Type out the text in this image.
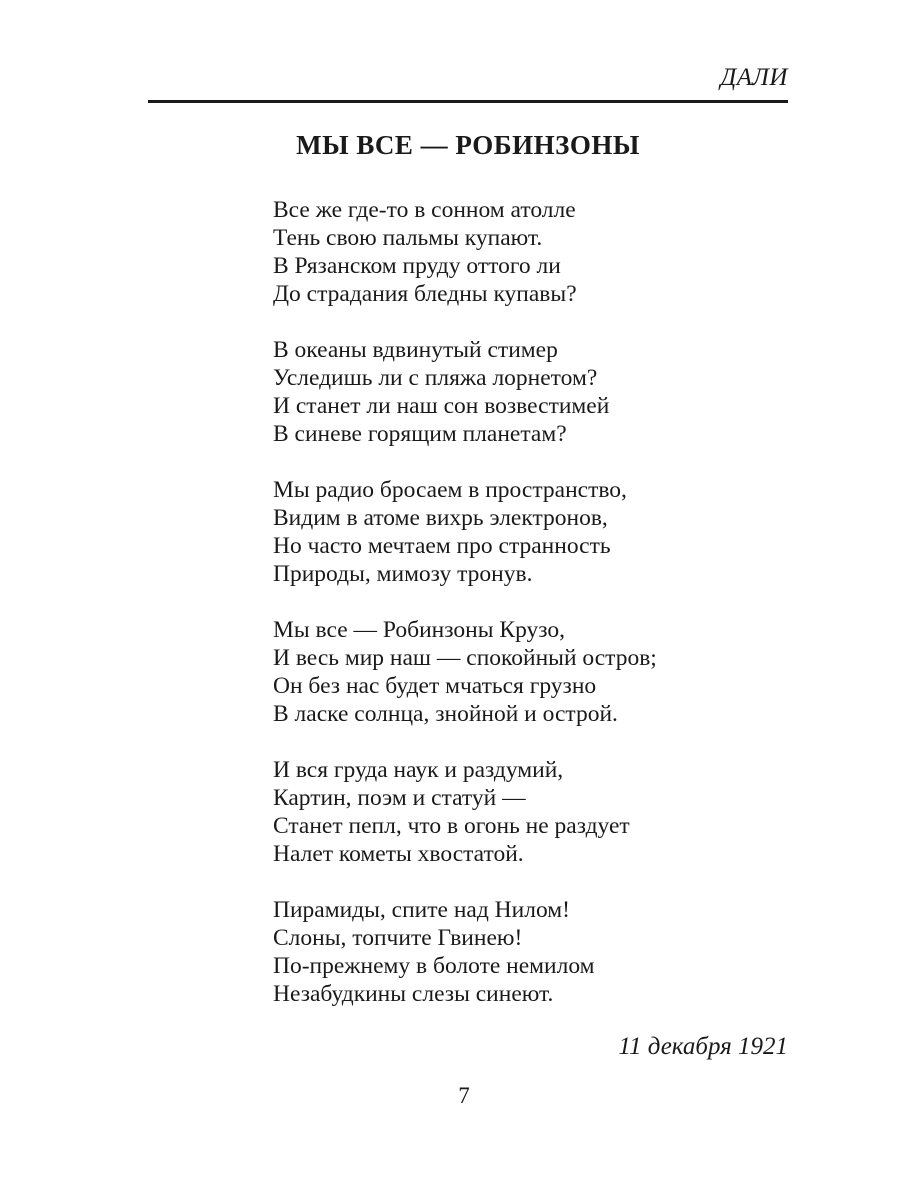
ДАЛИ
МЫ ВСЕ — РОБИНЗОНЫ
Все же где-то в сонном атолле
Тень свою пальмы купают.
В Рязанском пруду оттого ли
До страдания бледны купавы?
В океаны вдвинутый стимер
Уследишь ли с пляжа лорнетом?
И станет ли наш сон возвестимей
В синеве горящим планетам?
Мы радио бросаем в пространство,
Видим в атоме вихрь электронов,
Но часто мечтаем про странность
Природы, мимозу тронув.
Мы все — Робинзоны Крузо,
И весь мир наш — спокойный остров;
Он без нас будет мчаться грузно
В ласке солнца, знойной и острой.
И вся груда наук и раздумий,
Картин, поэм и статуй —
Станет пепл, что в огонь не раздует
Налет кометы хвостатой.
Пирамиды, спите над Нилом!
Слоны, топчите Гвинею!
По-прежнему в болоте немилом
Незабудкины слезы синеют.
11 декабря 1921
7
